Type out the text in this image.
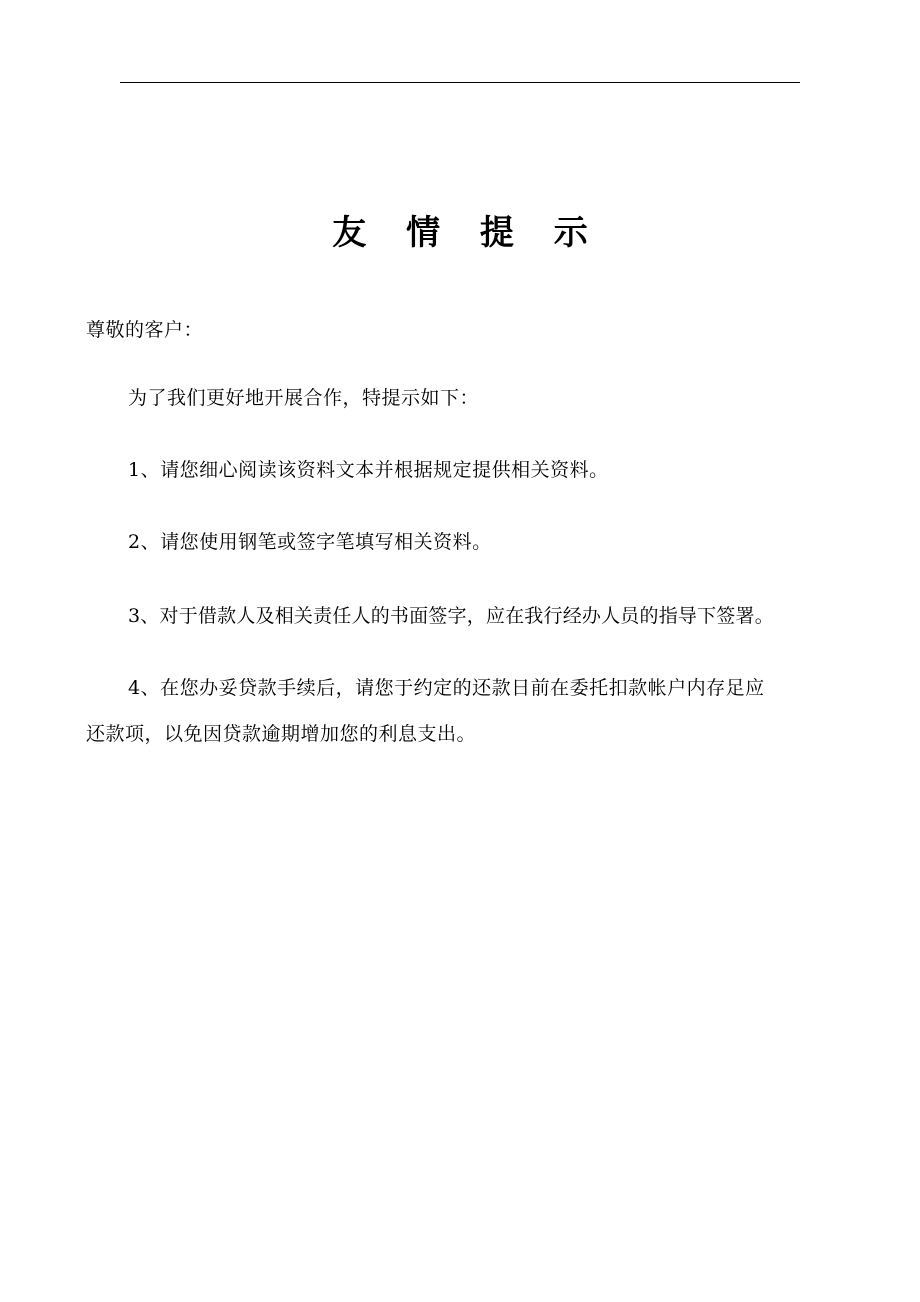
友 情 提 示
尊敬的客户：
为了我们更好地开展合作，特提示如下：
1、请您细心阅读该资料文本并根据规定提供相关资料。
2、请您使用钢笔或签字笔填写相关资料。
3、对于借款人及相关责任人的书面签字，应在我行经办人员的指导下签署。
4、在您办妥贷款手续后，请您于约定的还款日前在委托扣款帐户内存足应
还款项，以免因贷款逾期增加您的利息支出。
